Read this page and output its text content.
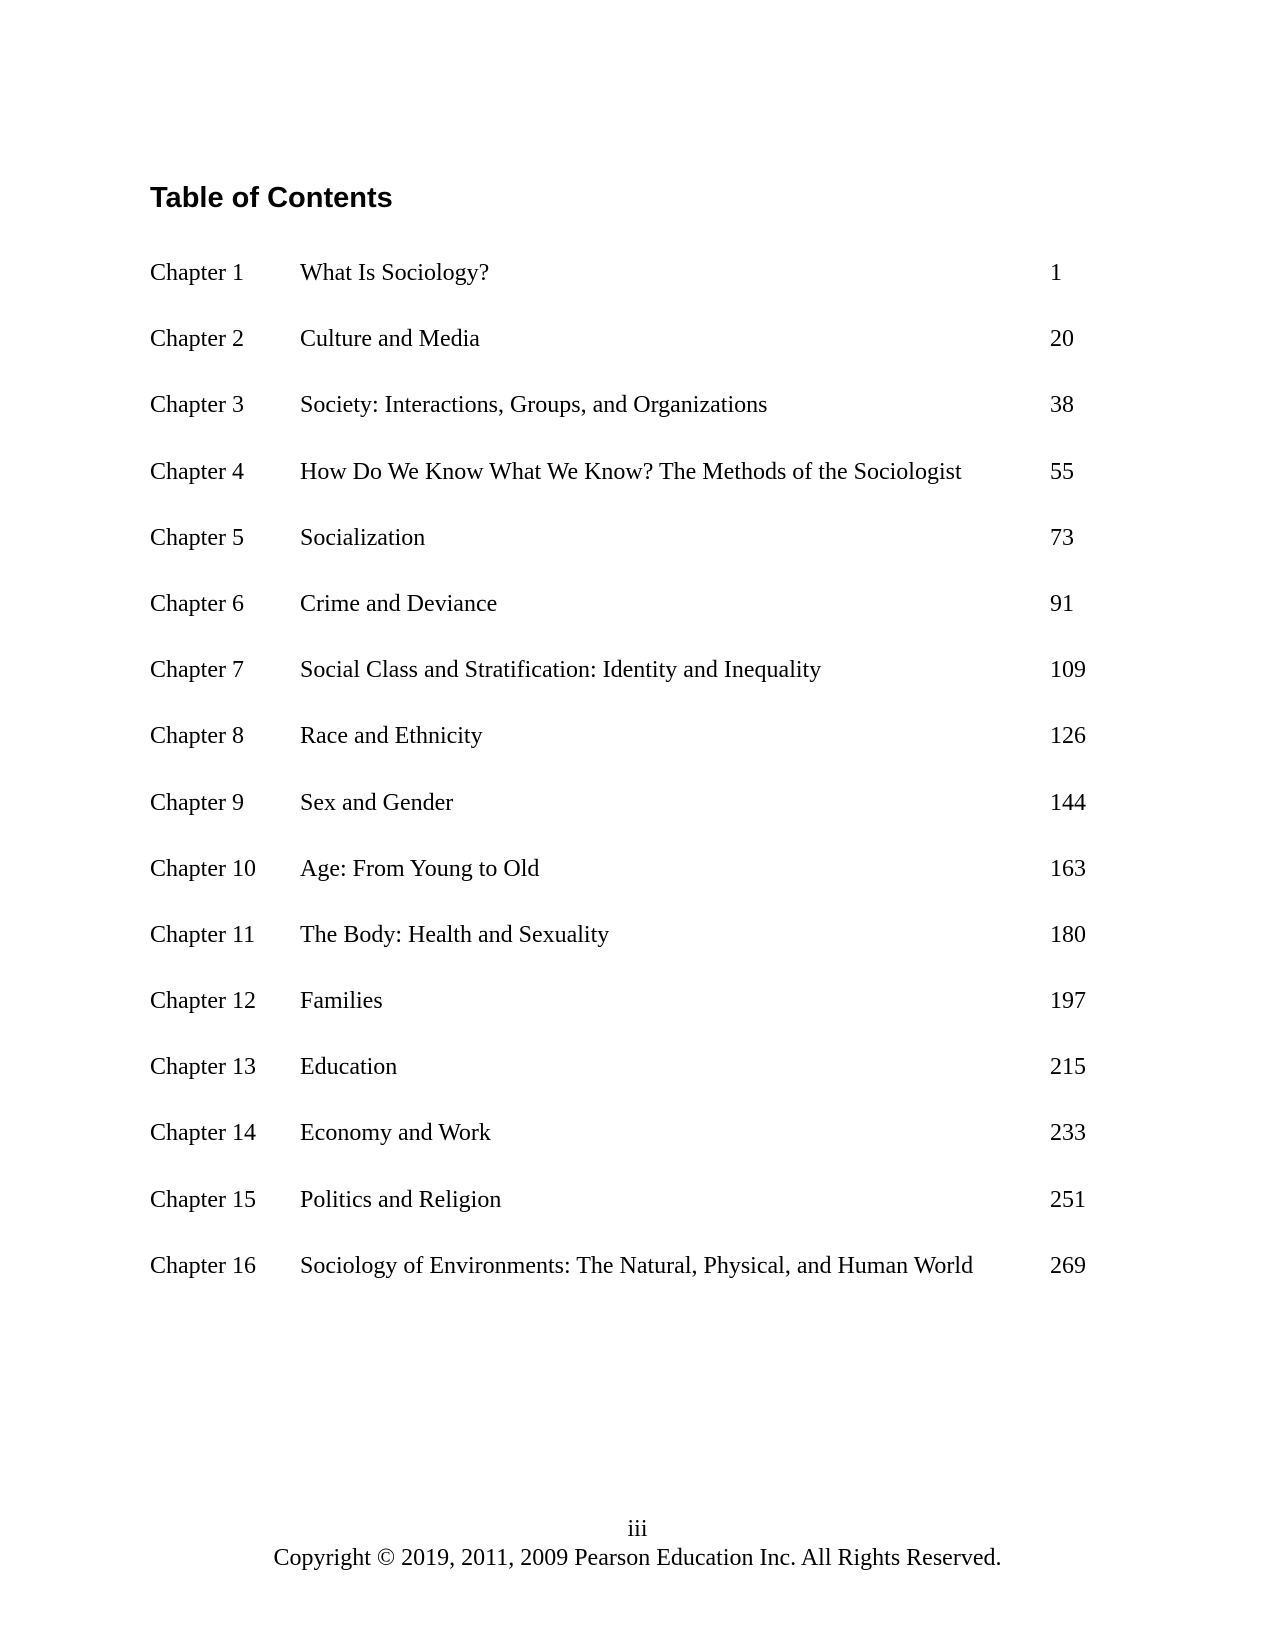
Table of Contents
Chapter 1 What Is Sociology?	1
Chapter 2 Culture and Media	20
Chapter 3 Society: Interactions, Groups, and Organizations	38
Chapter 4 How Do We Know What We Know? The Methods of the Sociologist	55
Chapter 5 Socialization	73
Chapter 6 Crime and Deviance	91
Chapter 7 Social Class and Stratification: Identity and Inequality	109
Chapter 8 Race and Ethnicity	126
Chapter 9 Sex and Gender	144
Chapter 10 Age: From Young to Old	163
Chapter 11 The Body: Health and Sexuality	180
Chapter 12 Families	197
Chapter 13 Education	215
Chapter 14 Economy and Work	233
Chapter 15 Politics and Religion	251
Chapter 16 Sociology of Environments: The Natural, Physical, and Human World	269
iii
Copyright © 2019, 2011, 2009 Pearson Education Inc. All Rights Reserved.
